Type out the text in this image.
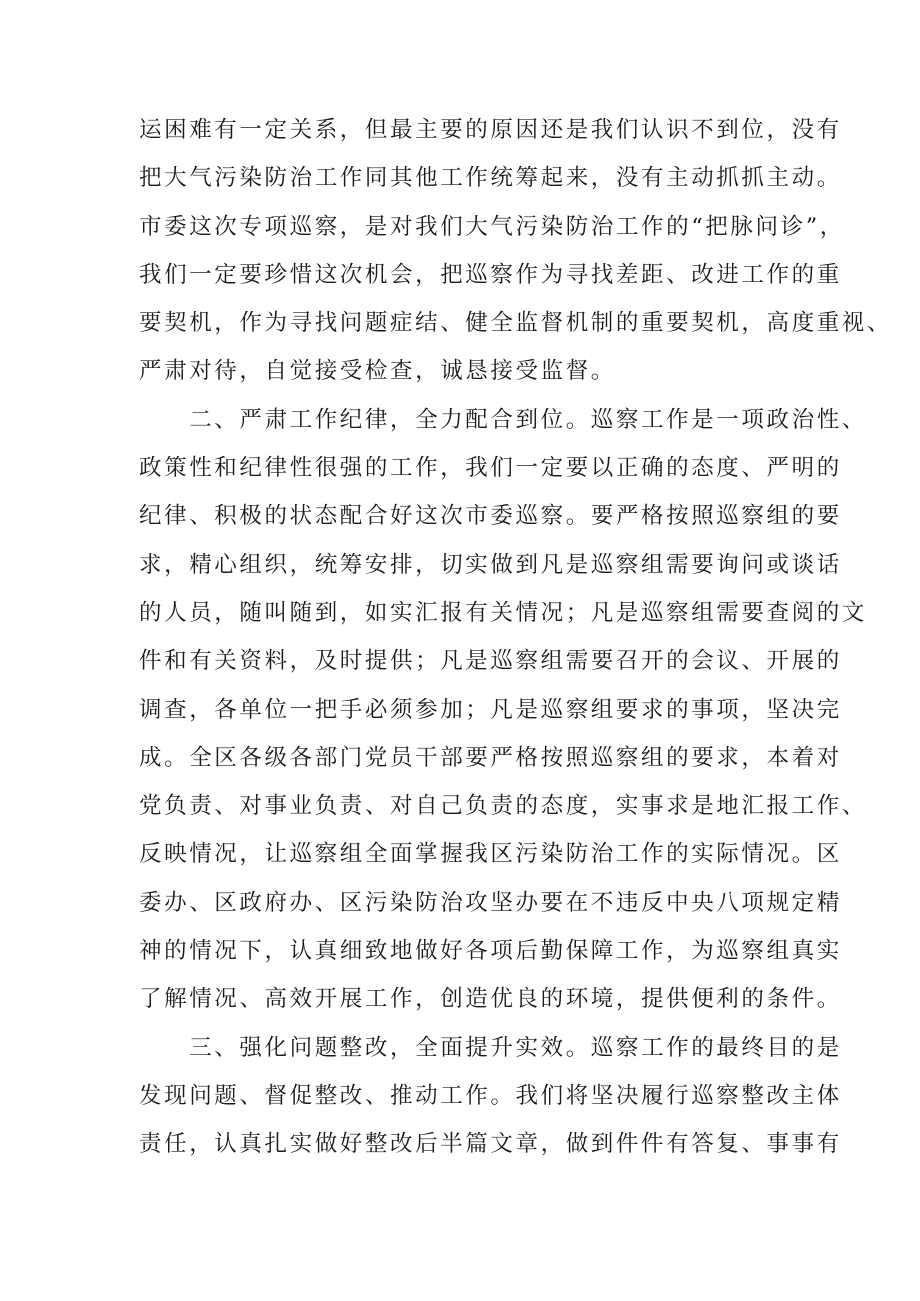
运困难有一定关系，但最主要的原因还是我们认识不到位，没有
把大气污染防治工作同其他工作统筹起来，没有主动抓抓主动。
市委这次专项巡察，是对我们大气污染防治工作的“把脉问诊”，
我们一定要珍惜这次机会，把巡察作为寻找差距、改进工作的重
要契机，作为寻找问题症结、健全监督机制的重要契机，高度重视、
严肃对待，自觉接受检查，诚恳接受监督。
　　二、严肃工作纪律，全力配合到位。巡察工作是一项政治性、
政策性和纪律性很强的工作，我们一定要以正确的态度、严明的
纪律、积极的状态配合好这次市委巡察。要严格按照巡察组的要
求，精心组织，统筹安排，切实做到凡是巡察组需要询问或谈话
的人员，随叫随到，如实汇报有关情况；凡是巡察组需要查阅的文
件和有关资料，及时提供；凡是巡察组需要召开的会议、开展的
调查，各单位一把手必须参加；凡是巡察组要求的事项，坚决完
成。全区各级各部门党员干部要严格按照巡察组的要求，本着对
党负责、对事业负责、对自己负责的态度，实事求是地汇报工作、
反映情况，让巡察组全面掌握我区污染防治工作的实际情况。区
委办、区政府办、区污染防治攻坚办要在不违反中央八项规定精
神的情况下，认真细致地做好各项后勤保障工作，为巡察组真实
了解情况、高效开展工作，创造优良的环境，提供便利的条件。
　　三、强化问题整改，全面提升实效。巡察工作的最终目的是
发现问题、督促整改、推动工作。我们将坚决履行巡察整改主体
责任，认真扎实做好整改后半篇文章，做到件件有答复、事事有
